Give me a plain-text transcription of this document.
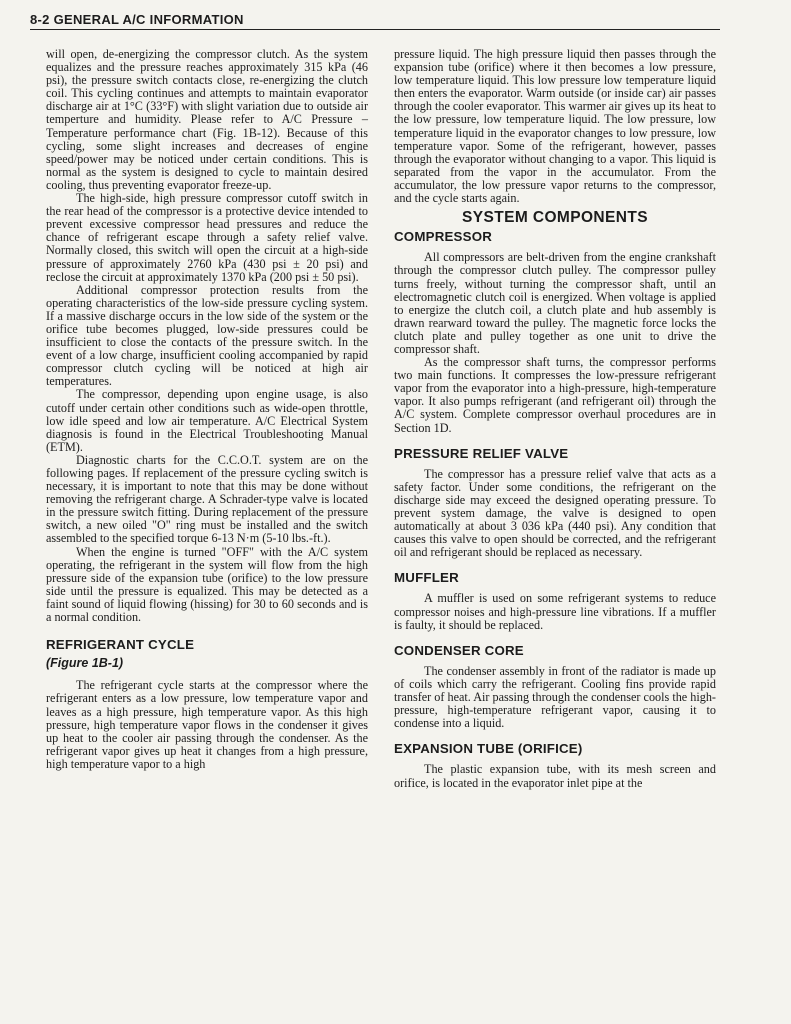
8-2 GENERAL A/C INFORMATION

will open, de-energizing the compressor clutch. As the system equalizes and the pressure reaches approximately 315 kPa (46 psi), the pressure switch contacts close, re-energizing the clutch coil. This cycling continues and attempts to maintain evaporator discharge air at 1°C (33°F) with slight variation due to outside air temperture and humidity. Please refer to A/C Pressure – Temperature performance chart (Fig. 1B-12). Because of this cycling, some slight increases and decreases of engine speed/power may be noticed under certain conditions. This is normal as the system is designed to cycle to maintain desired cooling, thus preventing evaporator freeze-up.

The high-side, high pressure compressor cutoff switch in the rear head of the compressor is a protective device intended to prevent excessive compressor head pressures and reduce the chance of refrigerant escape through a safety relief valve. Normally closed, this switch will open the circuit at a high-side pressure of approximately 2760 kPa (430 psi ± 20 psi) and reclose the circuit at approximately 1370 kPa (200 psi ± 50 psi).

Additional compressor protection results from the operating characteristics of the low-side pressure cycling system. If a massive discharge occurs in the low side of the system or the orifice tube becomes plugged, low-side pressures could be insufficient to close the contacts of the pressure switch. In the event of a low charge, insufficient cooling accompanied by rapid compressor clutch cycling will be noticed at high air temperatures.

The compressor, depending upon engine usage, is also cutoff under certain other conditions such as wide-open throttle, low idle speed and low air temperature. A/C Electrical System diagnosis is found in the Electrical Troubleshooting Manual (ETM).

Diagnostic charts for the C.C.O.T. system are on the following pages. If replacement of the pressure cycling switch is necessary, it is important to note that this may be done without removing the refrigerant charge. A Schrader-type valve is located in the pressure switch fitting. During replacement of the pressure switch, a new oiled "O" ring must be installed and the switch assembled to the specified torque 6-13 N·m (5-10 lbs.-ft.).

When the engine is turned "OFF" with the A/C system operating, the refrigerant in the system will flow from the high pressure side of the expansion tube (orifice) to the low pressure side until the pressure is equalized. This may be detected as a faint sound of liquid flowing (hissing) for 30 to 60 seconds and is a normal condition.

REFRIGERANT CYCLE
(Figure 1B-1)

The refrigerant cycle starts at the compressor where the refrigerant enters as a low pressure, low temperature vapor and leaves as a high pressure, high temperature vapor. As this high pressure, high temperature vapor flows in the condenser it gives up heat to the cooler air passing through the condenser. As the refrigerant vapor gives up heat it changes from a high pressure, high temperature vapor to a high

pressure liquid. The high pressure liquid then passes through the expansion tube (orifice) where it then becomes a low pressure, low temperature liquid. This low pressure low temperature liquid then enters the evaporator. Warm outside (or inside car) air passes through the cooler evaporator. This warmer air gives up its heat to the low pressure, low temperature liquid. The low pressure, low temperature liquid in the evaporator changes to low pressure, low temperature vapor. Some of the refrigerant, however, passes through the evaporator without changing to a vapor. This liquid is separated from the vapor in the accumulator. From the accumulator, the low pressure vapor returns to the compressor, and the cycle starts again.

SYSTEM COMPONENTS
COMPRESSOR

All compressors are belt-driven from the engine crankshaft through the compressor clutch pulley. The compressor pulley turns freely, without turning the compressor shaft, until an electromagnetic clutch coil is energized. When voltage is applied to energize the clutch coil, a clutch plate and hub assembly is drawn rearward toward the pulley. The magnetic force locks the clutch plate and pulley together as one unit to drive the compressor shaft.

As the compressor shaft turns, the compressor performs two main functions. It compresses the low-pressure refrigerant vapor from the evaporator into a high-pressure, high-temperature vapor. It also pumps refrigerant (and refrigerant oil) through the A/C system. Complete compressor overhaul procedures are in Section 1D.

PRESSURE RELIEF VALVE

The compressor has a pressure relief valve that acts as a safety factor. Under some conditions, the refrigerant on the discharge side may exceed the designed operating pressure. To prevent system damage, the valve is designed to open automatically at about 3 036 kPa (440 psi). Any condition that causes this valve to open should be corrected, and the refrigerant oil and refrigerant should be replaced as necessary.

MUFFLER

A muffler is used on some refrigerant systems to reduce compressor noises and high-pressure line vibrations. If a muffler is faulty, it should be replaced.

CONDENSER CORE

The condenser assembly in front of the radiator is made up of coils which carry the refrigerant. Cooling fins provide rapid transfer of heat. Air passing through the condenser cools the high-pressure, high-temperature refrigerant vapor, causing it to condense into a liquid.

EXPANSION TUBE (ORIFICE)

The plastic expansion tube, with its mesh screen and orifice, is located in the evaporator inlet pipe at the
